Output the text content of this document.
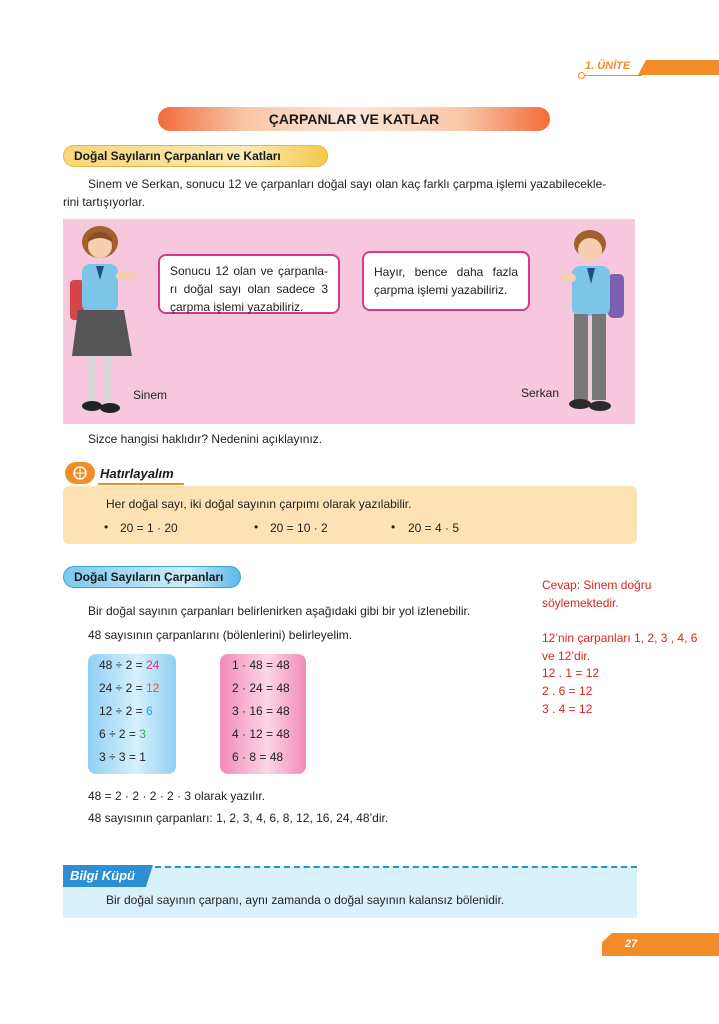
1. ÜNİTE
ÇARPANLAR VE KATLAR
Doğal Sayıların Çarpanları ve Katları
Sinem ve Serkan, sonucu 12 ve çarpanları doğal sayı olan kaç farklı çarpma işlemi yazabilecekle-
rini tartışıyorlar.
Sonucu 12 olan ve çarpanla-rı doğal sayı olan sadece 3 çarpma işlemi yazabiliriz.
Hayır, bence daha fazla çarpma işlemi yazabiliriz.
Sinem	Serkan
Sizce hangisi haklıdır? Nedenini açıklayınız.
Hatırlayalım
Her doğal sayı, iki doğal sayının çarpımı olarak yazılabilir.
• 20 = 1 · 20	• 20 = 10 · 2	• 20 = 4 · 5
Doğal Sayıların Çarpanları
Bir doğal sayının çarpanları belirlenirken aşağıdaki gibi bir yol izlenebilir.
48 sayısının çarpanlarını (bölenlerini) belirleyelim.
48 ÷ 2 = 24
24 ÷ 2 = 12
12 ÷ 2 = 6
6 ÷ 2 = 3
3 ÷ 3 = 1
1 · 48 = 48
2 · 24 = 48
3 · 16 = 48
4 · 12 = 48
6 · 8 = 48
48 = 2 · 2 · 2 · 2 · 3 olarak yazılır.
48 sayısının çarpanları: 1, 2, 3, 4, 6, 8, 12, 16, 24, 48’dir.
Cevap: Sinem doğru
söylemektedir.
12’nin çarpanları 1, 2, 3 , 4, 6
ve 12’dir.
12 . 1 = 12
2 . 6 = 12
3 . 4 = 12
Bilgi Küpü
Bir doğal sayının çarpanı, aynı zamanda o doğal sayının kalansız bölenidir.
27
